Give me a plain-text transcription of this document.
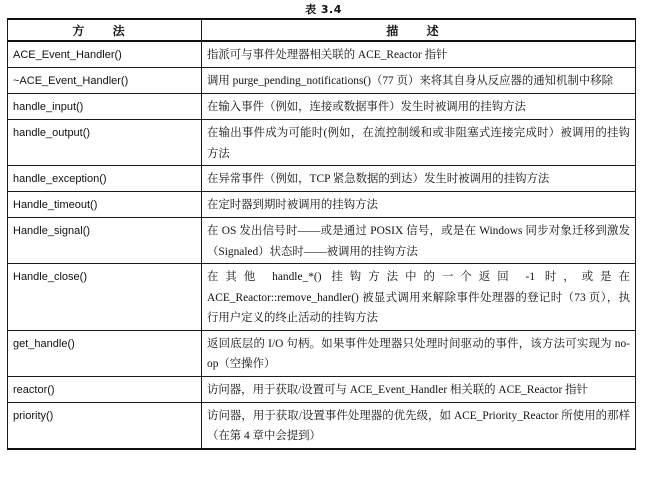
表 3.4
方 法	描 述
ACE_Event_Handler()	指派可与事件处理器相关联的 ACE_Reactor 指针
~ACE_Event_Handler()	调用 purge_pending_notifications()（77 页）来将其自身从反应器的通知机制中移除
handle_input()	在输入事件（例如，连接或数据事件）发生时被调用的挂钩方法
handle_output()	在输出事件成为可能时(例如，在流控制缓和或非阻塞式连接完成时）被调用的挂钩方法
handle_exception()	在异常事件（例如，TCP 紧急数据的到达）发生时被调用的挂钩方法
Handle_timeout()	在定时器到期时被调用的挂钩方法
Handle_signal()	在 OS 发出信号时——或是通过 POSIX 信号，或是在 Windows 同步对象迁移到激发（Signaled）状态时——被调用的挂钩方法
Handle_close()	在其他 handle_*() 挂钩方法中的一个返回 -1 时，或是在 ACE_Reactor::remove_handler() 被显式调用来解除事件处理器的登记时（73 页），执行用户定义的终止活动的挂钩方法
get_handle()	返回底层的 I/O 句柄。如果事件处理器只处理时间驱动的事件，该方法可实现为 no-op（空操作）
reactor()	访问器，用于获取/设置可与 ACE_Event_Handler 相关联的 ACE_Reactor 指针
priority()	访问器，用于获取/设置事件处理器的优先级，如 ACE_Priority_Reactor 所使用的那样（在第 4 章中会提到）
